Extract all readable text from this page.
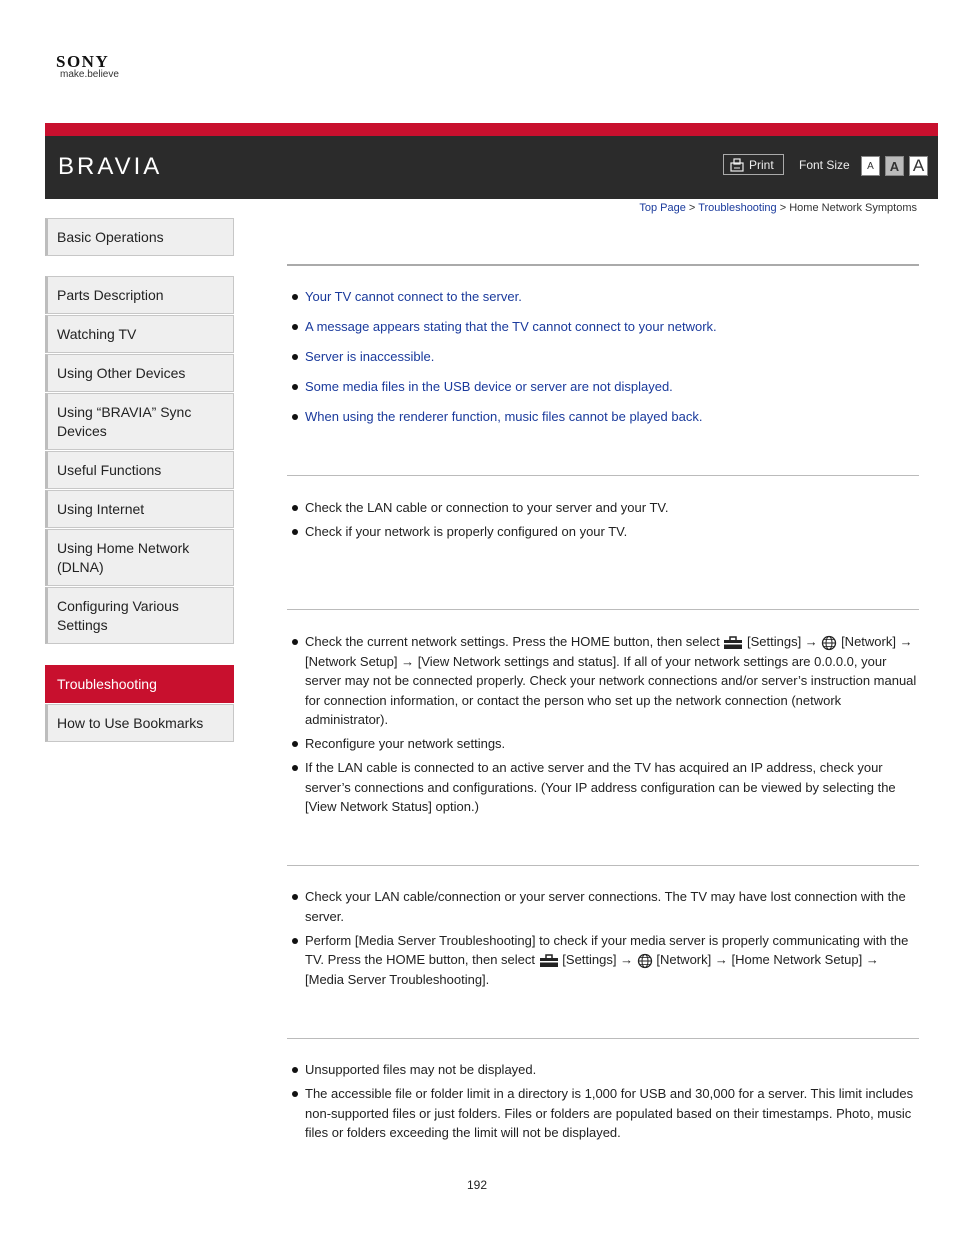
SONY
make.believe
BRAVIA	Print Font Size	A	A A
Top Page > Troubleshooting > Home Network Symptoms
Basic Operations
Parts Description
Watching TV
Using Other Devices
Using “BRAVIA” Sync Devices
Useful Functions
Using Internet
Using Home Network (DLNA)
Configuring Various Settings
Troubleshooting
How to Use Bookmarks
Your TV cannot connect to the server.
A message appears stating that the TV cannot connect to your network.
Server is inaccessible.
Some media files in the USB device or server are not displayed.
When using the renderer function, music files cannot be played back.
Check the LAN cable or connection to your server and your TV.
Check if your network is properly configured on your TV.
Check the current network settings. Press the HOME button, then select [Settings] → [Network] → [Network Setup] → [View Network settings and status]. If all of your network settings are 0.0.0.0, your server may not be connected properly. Check your network connections and/or server’s instruction manual for connection information, or contact the person who set up the network connection (network administrator).
Reconfigure your network settings.
If the LAN cable is connected to an active server and the TV has acquired an IP address, check your server’s connections and configurations. (Your IP address configuration can be viewed by selecting the [View Network Status] option.)
Check your LAN cable/connection or your server connections. The TV may have lost connection with the server.
Perform [Media Server Troubleshooting] to check if your media server is properly communicating with the TV. Press the HOME button, then select [Settings] → [Network] → [Home Network Setup] → [Media Server Troubleshooting].
Unsupported files may not be displayed.
The accessible file or folder limit in a directory is 1,000 for USB and 30,000 for a server. This limit includes non-supported files or just folders. Files or folders are populated based on their timestamps. Photo, music files or folders exceeding the limit will not be displayed.
192
